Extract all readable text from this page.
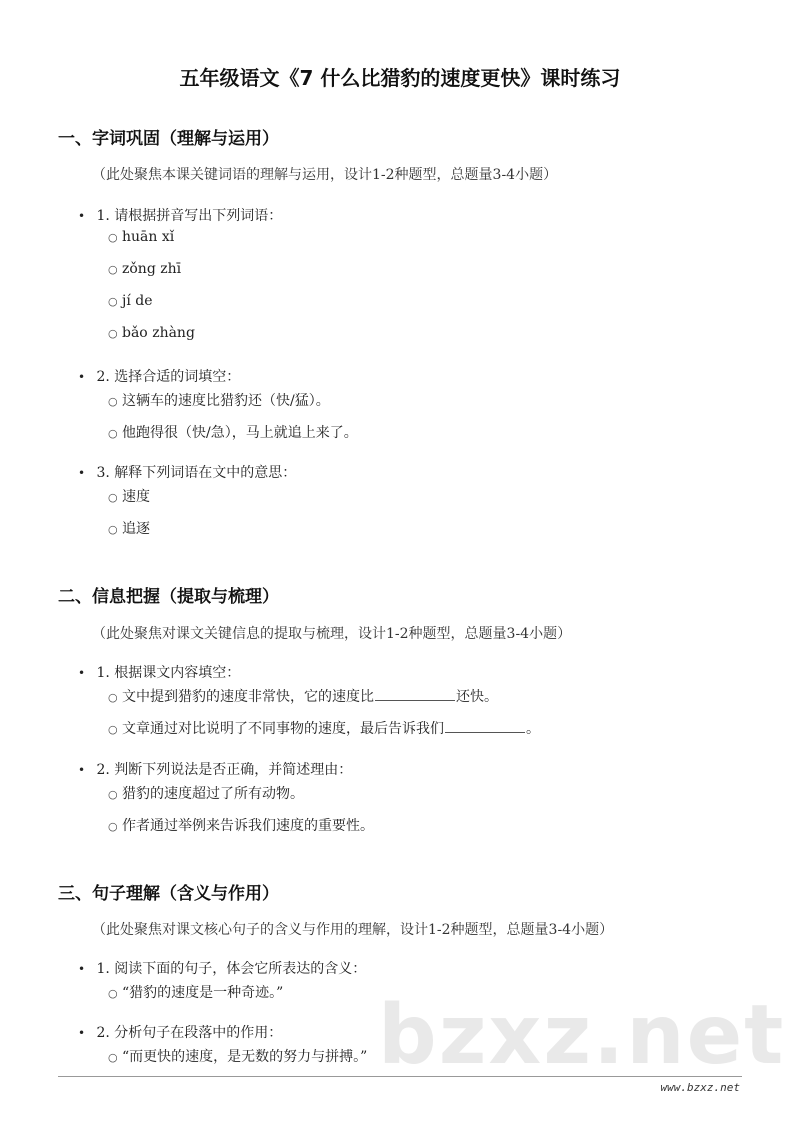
五年级语文《7 什么比猎豹的速度更快》课时练习
一、字词巩固（理解与运用）
（此处聚焦本课关键词语的理解与运用，设计1-2种题型，总题量3-4小题）
• 1. 请根据拼音写出下列词语：
○ huān xǐ
○ zǒng zhī
○ jí de
○ bǎo zhàng
• 2. 选择合适的词填空：
○ 这辆车的速度比猎豹还（快/猛）。
○ 他跑得很（快/急），马上就追上来了。
• 3. 解释下列词语在文中的意思：
○ 速度
○ 追逐
二、信息把握（提取与梳理）
（此处聚焦对课文关键信息的提取与梳理，设计1-2种题型，总题量3-4小题）
• 1. 根据课文内容填空：
○ 文中提到猎豹的速度非常快，它的速度比	还快。
○ 文章通过对比说明了不同事物的速度，最后告诉我们	。
• 2. 判断下列说法是否正确，并简述理由：
○ 猎豹的速度超过了所有动物。
○ 作者通过举例来告诉我们速度的重要性。
三、句子理解（含义与作用）
（此处聚焦对课文核心句子的含义与作用的理解，设计1-2种题型，总题量3-4小题）
• 1. 阅读下面的句子，体会它所表达的含义：
○ “猎豹的速度是一种奇迹。”
• 2. 分析句子在段落中的作用：
○ “而更快的速度，是无数的努力与拼搏。” bzxz.net
www.bzxz.net
